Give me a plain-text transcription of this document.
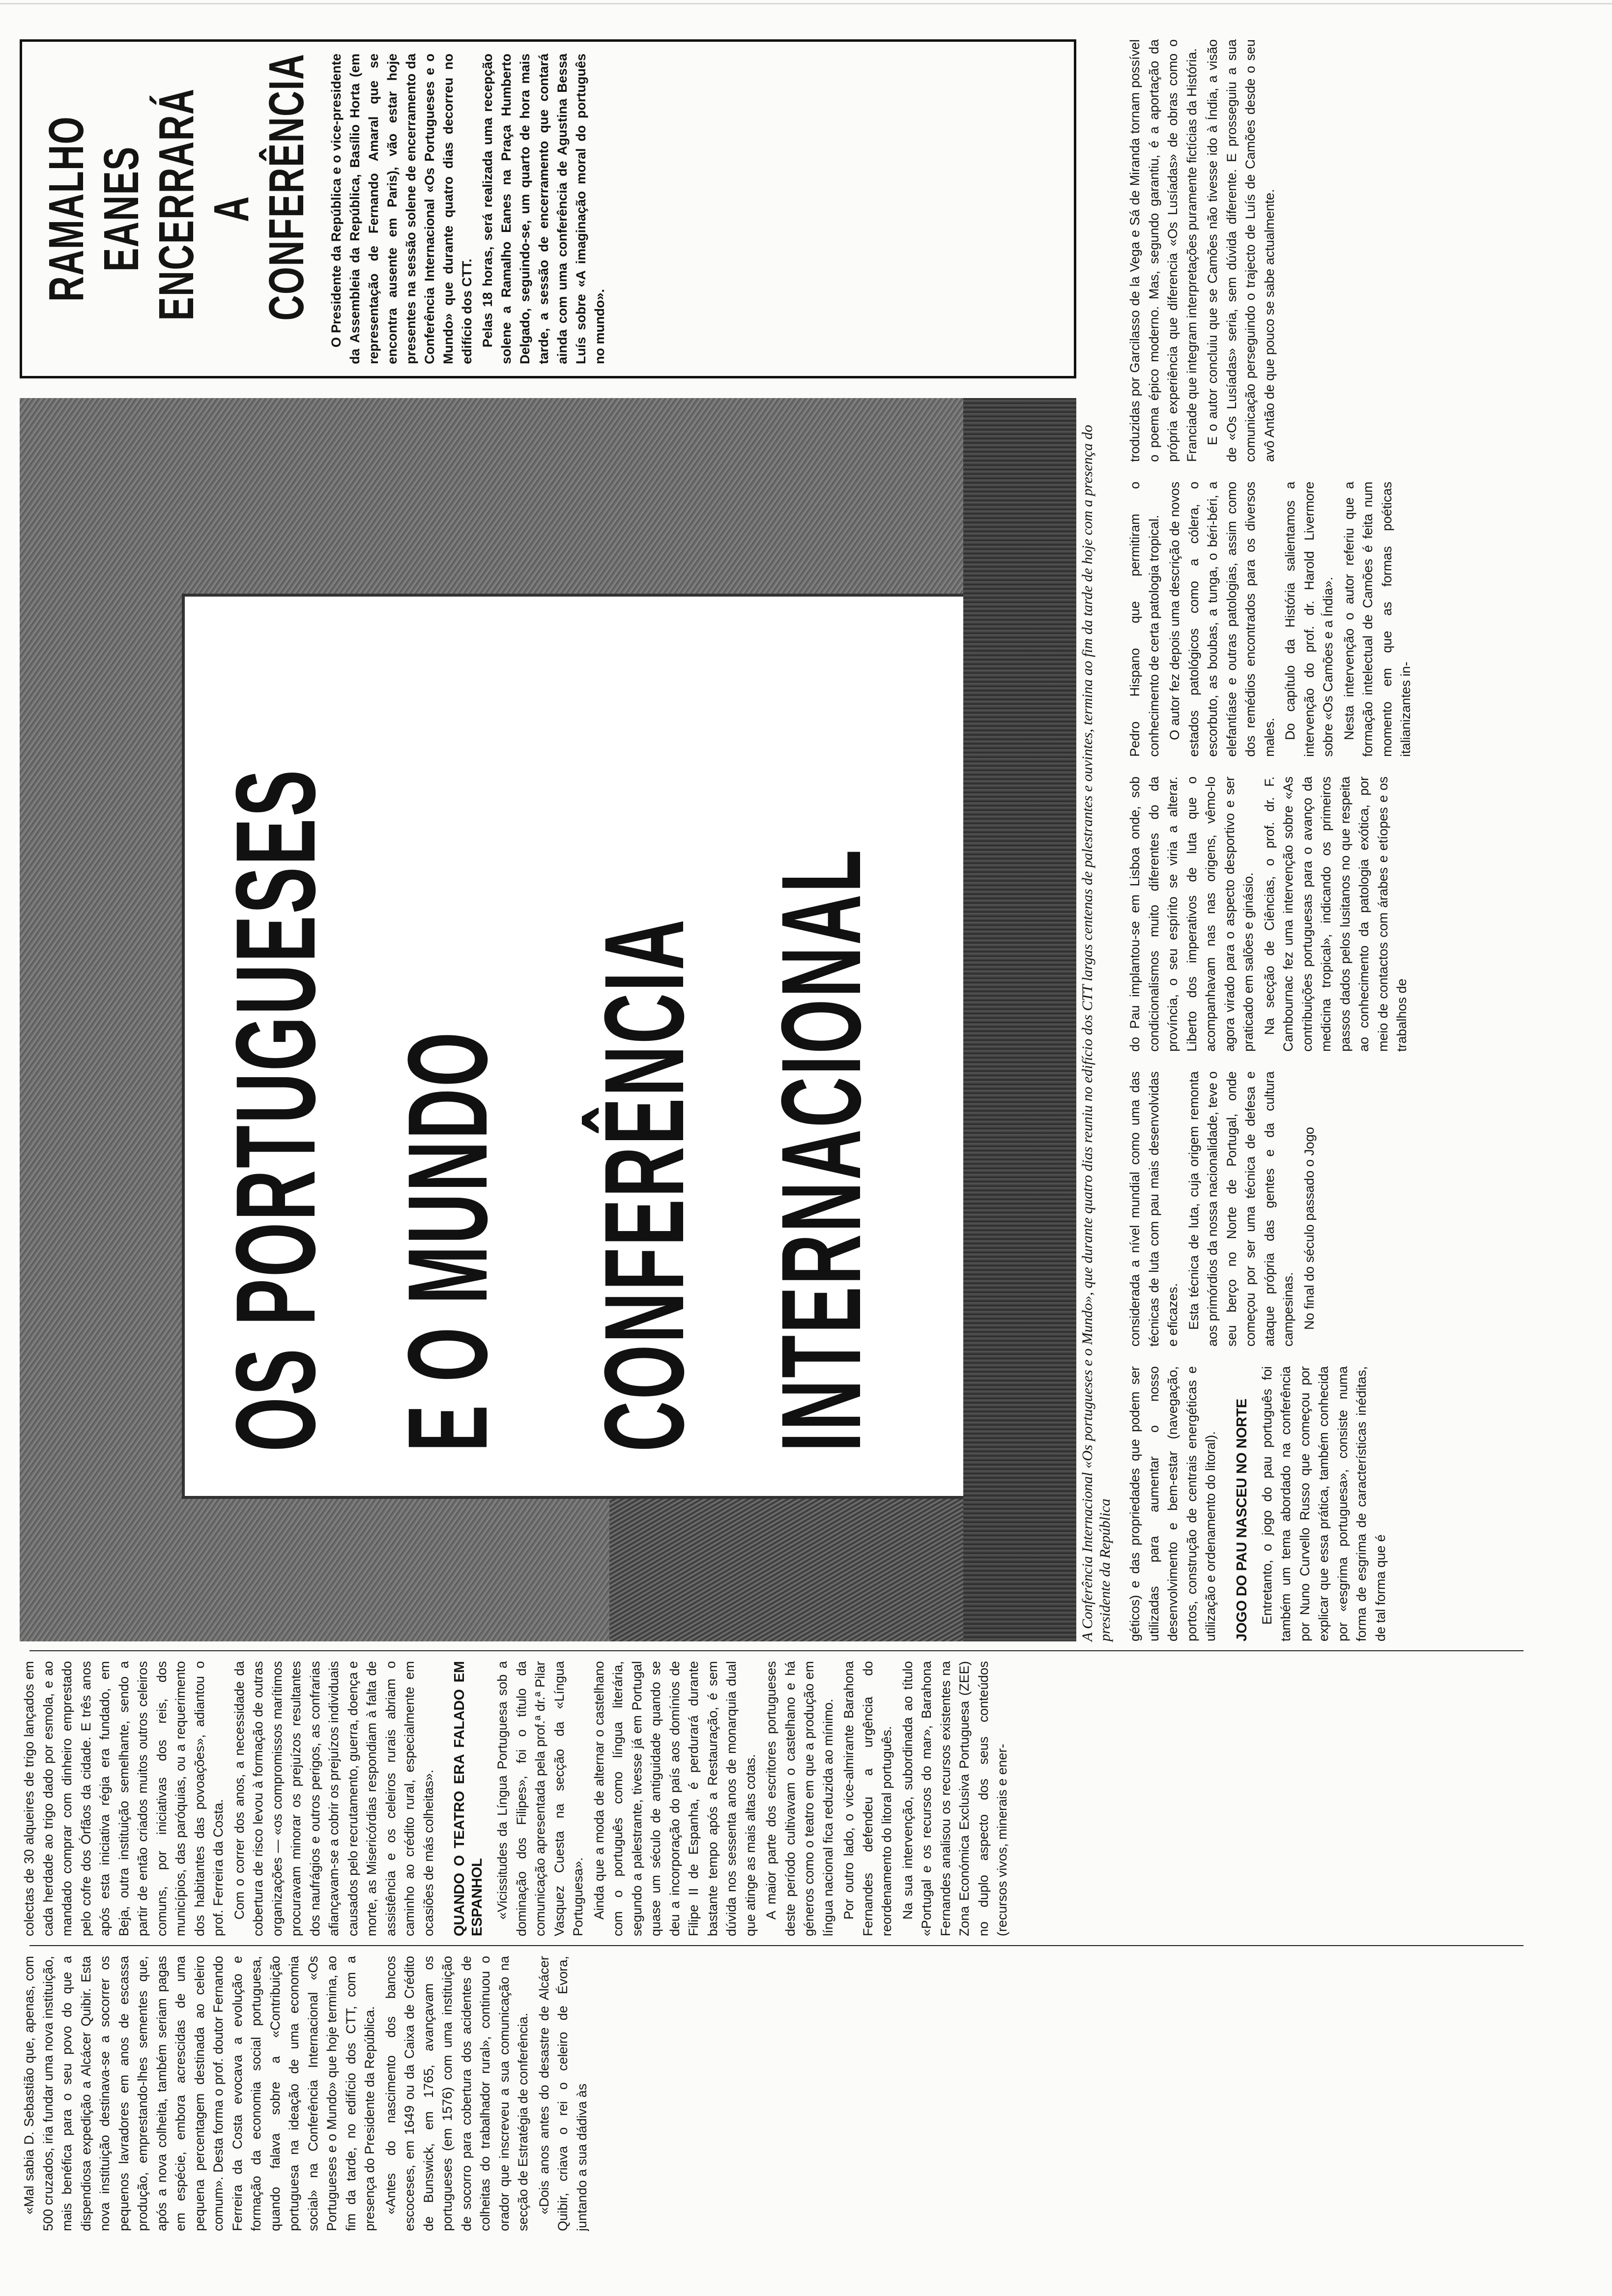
«Mal sabia D. Sebastião que, apenas, com 500 cruzados, iria fundar uma nova instituição, mais benéfica para o seu povo do que a dispendiosa expedição a Alcácer Quibir. Esta nova instituição destinava-se a socorrer os pequenos lavradores em anos de escassa produção, emprestando-lhes sementes que, após a nova colheita, também seriam pagas em espécie, embora acrescidas de uma pequena percentagem destinada ao celeiro comum». Desta forma o prof. doutor Fernando Ferreira da Costa evocava a evolução e formação da economia social portuguesa, quando falava sobre a «Contribuição portuguesa na ideação de uma economia social» na Conferência Internacional «Os Portugueses e o Mundo» que hoje termina, ao fim da tarde, no edifício dos CTT, com a presença do Presidente da República. «Antes do nascimento dos bancos escoceses, em 1649 ou da Caixa de Crédito de Bunswick, em 1765, avançavam os portugueses (em 1576) com uma instituição de socorro para cobertura dos acidentes de colheitas do trabalhador rural», continuou o orador que inscreveu a sua comunicação na secção de Estratégia de conferência. «Dois anos antes do desastre de Alcácer Quibir, criava o rei o celeiro de Évora, juntando a sua dádiva às

colectas de 30 alqueires de trigo lançados em cada herdade ao trigo dado por esmola, e ao mandado comprar com dinheiro emprestado pelo cofre dos Órfãos da cidade. E três anos após esta iniciativa régia era fundado, em Beja, outra instituição semelhante, sendo a partir de então criados muitos outros celeiros comuns, por iniciativas dos reis, dos municípios, das paróquias, ou a requerimento dos habitantes das povoações», adiantou o prof. Ferreira da Costa. Com o correr dos anos, a necessidade da cobertura de risco levou à formação de outras organizações — «os compromissos marítimos procuravam minorar os prejuízos resultantes dos naufrágios e outros perigos, as confrarias afiançavam-se a cobrir os prejuízos individuais causados pelo recrutamento, guerra, doença e morte, as Misericórdias respondiam à falta de assistência e os celeiros rurais abriam o caminho ao crédito rural, especialmente em ocasiões de más colheitas». QUANDO O TEATRO ERA FALADO EM ESPANHOL «Vicissitudes da Língua Portuguesa sob a dominação dos Filipes», foi o título da comunicação apresentada pela prof.ª dr.ª Pilar Vasquez Cuesta na secção da «Língua Portuguesa». Ainda que a moda de alternar o castelhano com o português como língua literária, segundo a palestrante, tivesse já em Portugal quase um século de antiguidade quando se deu a incorporação do país aos domínios de Filipe II de Espanha, é perdurará durante bastante tempo após a Restauração, é sem dúvida nos sessenta anos de monarquia dual que atinge as mais altas cotas. A maior parte dos escritores portugueses deste período cultivavam o castelhano e há géneros como o teatro em que a produção em língua nacional fica reduzida ao mínimo. Por outro lado, o vice-almirante Barahona Fernandes defendeu a urgência do reordenamento do litoral português. Na sua intervenção, subordinada ao título «Portugal e os recursos do mar», Barahona Fernandes analisou os recursos existentes na Zona Económica Exclusiva Portuguesa (ZEE) no duplo aspecto dos seus conteúdos (recursos vivos, minerais e ener-

OS PORTUGUESES E O MUNDO CONFERÊNCIA INTERNACIONAL	A Conferência Internacional «Os portugueses e o Mundo», que durante quatro dias reuniu no edifício dos CTT largas centenas de palestrantes e ouvintes, termina ao fim da tarde de hoje com a presença do presidente da República géticos) e das propriedades que podem ser utilizadas para aumentar o nosso desenvolvimento e bem-estar (navegação, portos, construção de centrais energéticas e utilização e ordenamento do litoral). JOGO DO PAU NASCEU NO NORTE Entretanto, o jogo do pau português foi também um tema abordado na conferência por Nuno Curvello Russo que começou por explicar que essa prática, também conhecida por «esgrima portuguesa», consiste numa forma de esgrima de características inéditas, de tal forma que é

considerada a nível mundial como uma das técnicas de luta com pau mais desenvolvidas e eficazes. Esta técnica de luta, cuja origem remonta aos primórdios da nossa nacionalidade, teve o seu berço no Norte de Portugal, onde começou por ser uma técnica de defesa e ataque própria das gentes e da cultura campesinas. No final do século passado o Jogo

do Pau implantou-se em Lisboa onde, sob condicionalismos muito diferentes do da província, o seu espírito se viria a alterar. Liberto dos imperativos de luta que o acompanhavam nas nas origens, vêmo-lo agora virado para o aspecto desportivo e ser praticado em salões e ginásio. Na secção de Ciências, o prof. dr. F. Cambournac fez uma intervenção sobre «As contribuições portuguesas para o avanço da medicina tropical», indicando os primeiros passos dados pelos lusitanos no que respeita ao conhecimento da patologia exótica, por meio de contactos com árabes e etíopes e os trabalhos de

Pedro Hispano que permitiram o conhecimento de certa patologia tropical. O autor fez depois uma descrição de novos estados patológicos como a cólera, o escorbuto, as boubas, a tunga, o béri-béri, a elefantíase e outras patologias, assim como dos remédios encontrados para os diversos males. Do capítulo da História salientamos a intervenção do prof. dr. Harold Livermore sobre «Os Camões e a Índia». Nesta intervenção o autor referiu que a formação intelectual de Camões é feita num momento em que as formas poéticas italianizantes in-

RAMALHO
EANES
ENCERRARÁ
A CONFERÊNCIA O Presidente da República e o vice-presidente da Assembleia da República, Basílio Horta (em representação de Fernando Amaral que se encontra ausente em Paris), vão estar hoje presentes na sessão solene de encerramento da Conferência Internacional «Os Portugueses e o Mundo» que durante quatro dias decorreu no edifício dos CTT. Pelas 18 horas, será realizada uma recepção solene a Ramalho Eanes na Praça Humberto Delgado, seguindo-se, um quarto de hora mais tarde, a sessão de encerramento que contará ainda com uma conferência de Agustina Bessa Luís sobre «A imaginação moral do português no mundo».	troduzidas por Garcilasso de la Vega e Sá de Miranda tornam possível o poema épico moderno. Mas, segundo garantiu, é a aportação da própria experiência que diferencia «Os Lusíadas» de obras como o Franciade que integram interpretações puramente fictícias da História. E o autor concluiu que se Camões não tivesse ido à Índia, a visão de «Os Lusíadas» seria, sem dúvida diferente. E prosseguiu a sua comunicação perseguindo o trajecto de Luís de Camões desde o seu avô Antão de que pouco se sabe actualmente.
